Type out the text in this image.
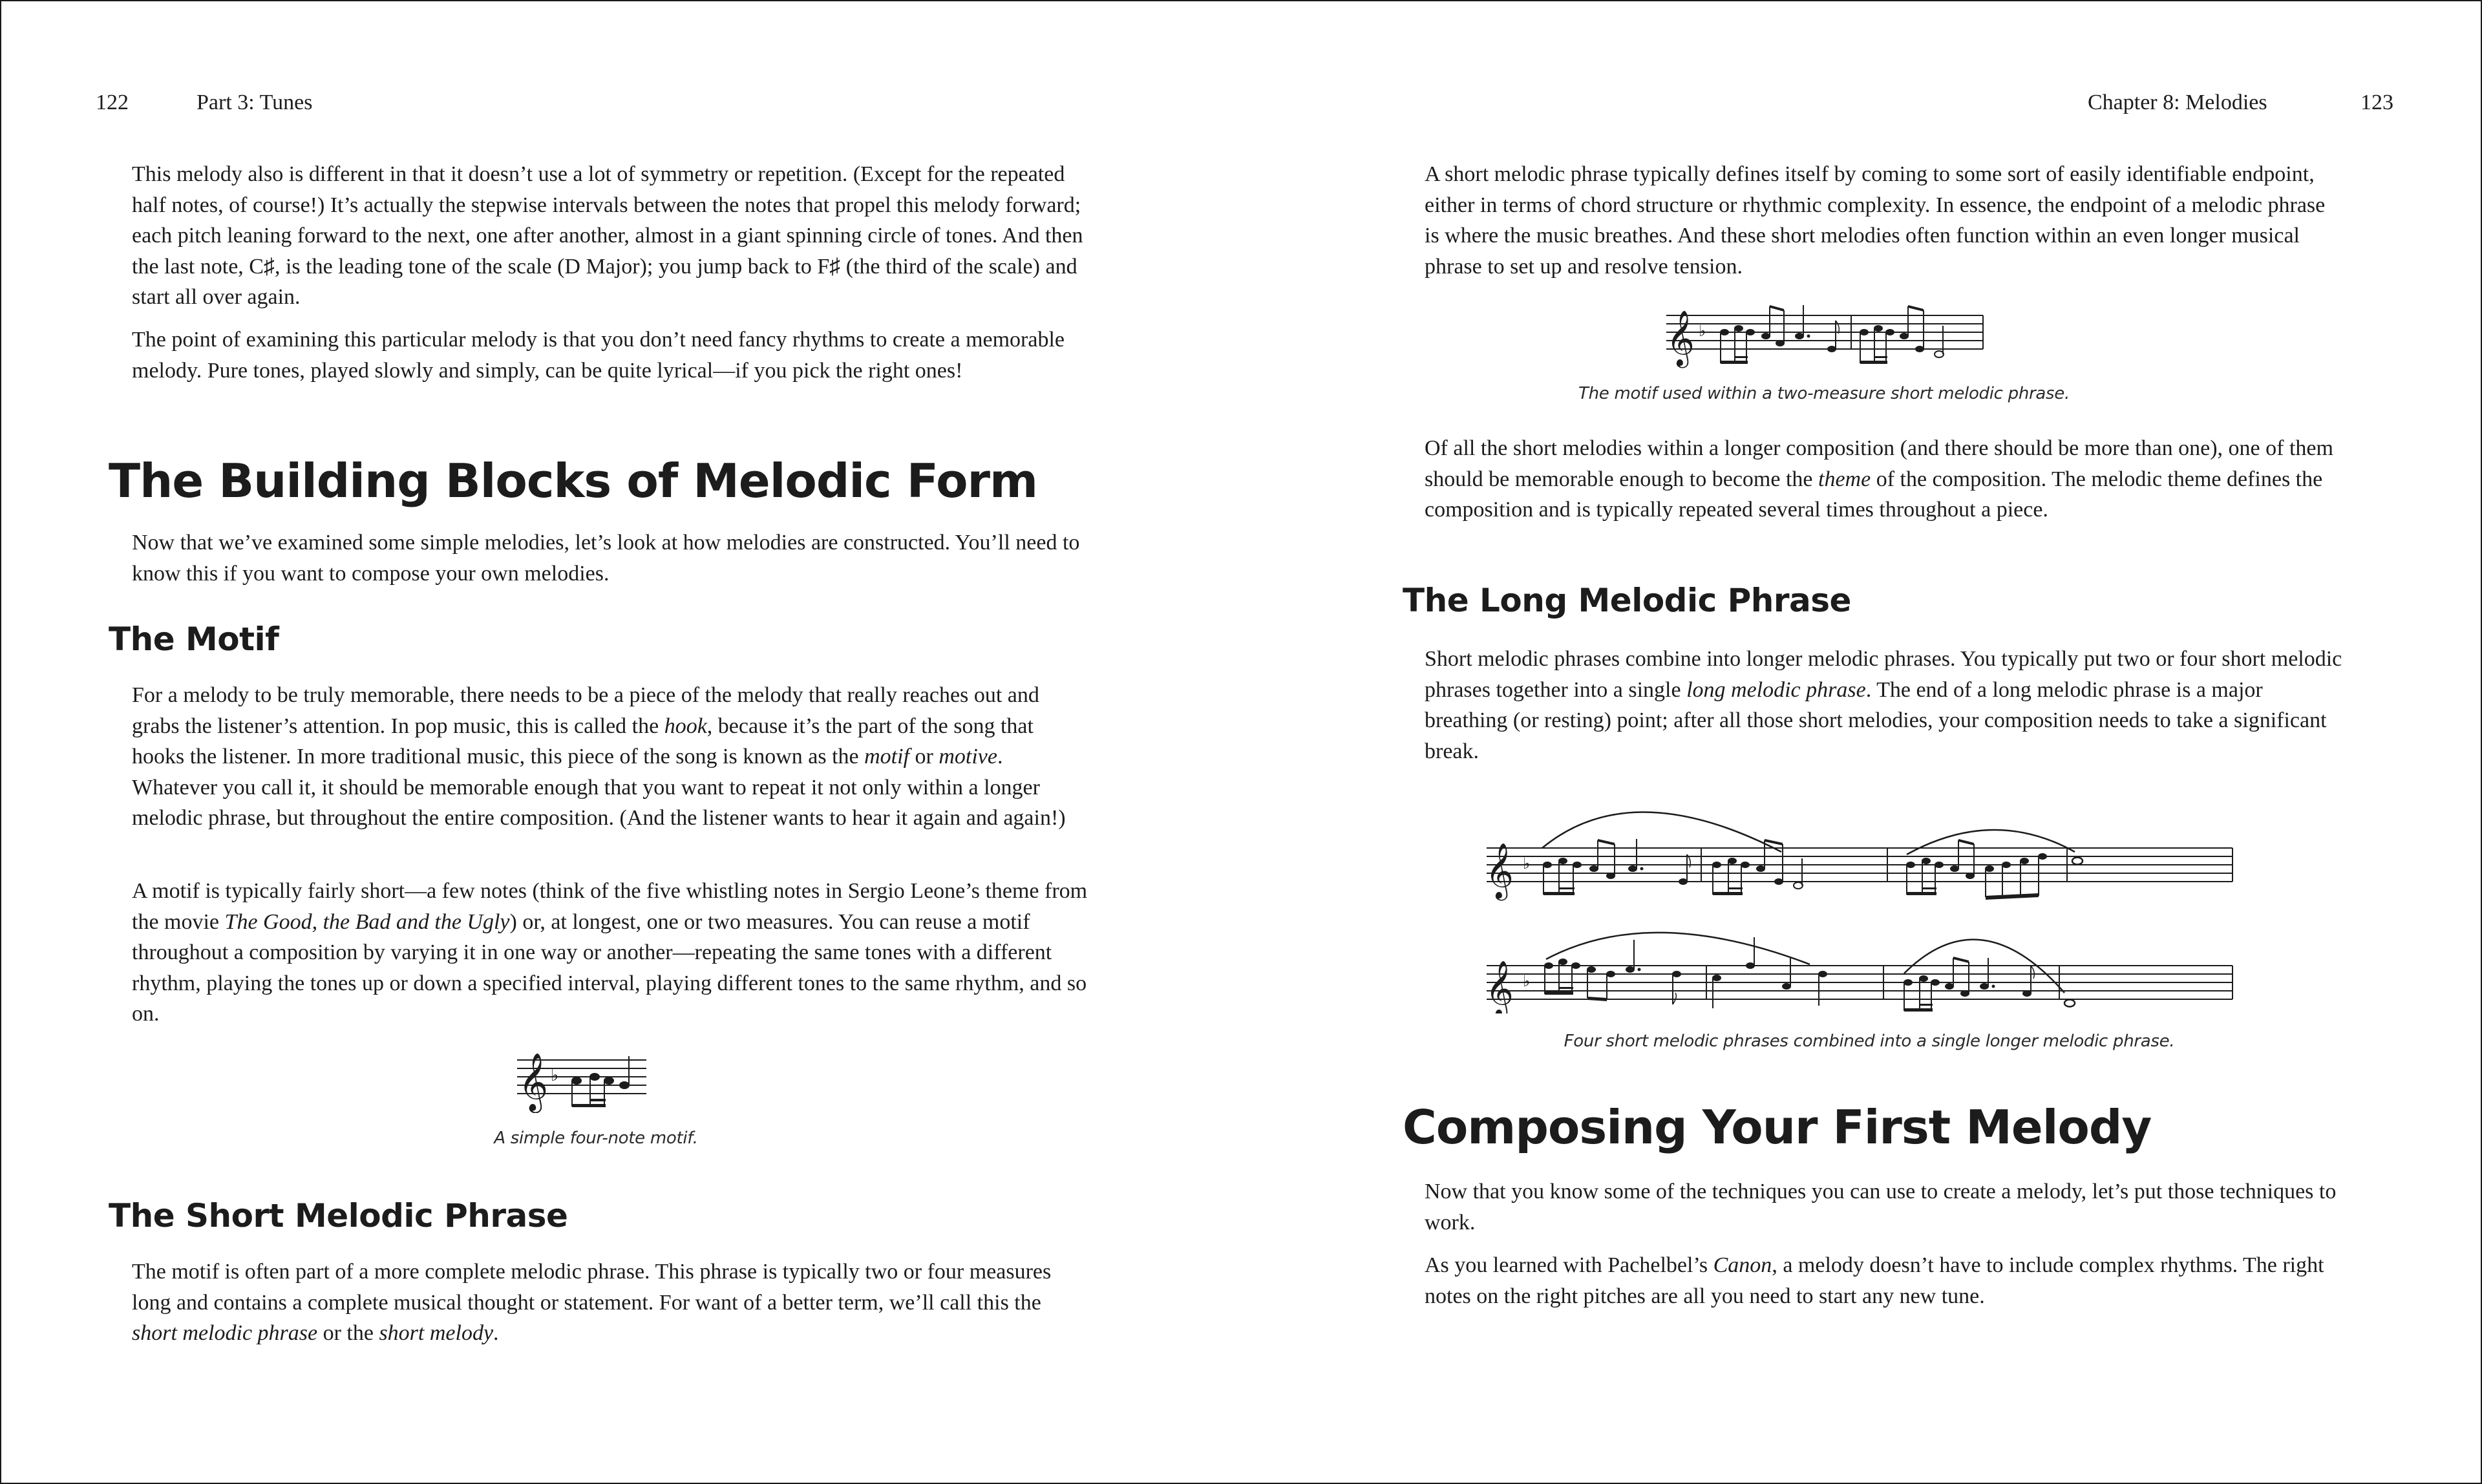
122	Part 3: Tunes

This melody also is different in that it doesn’t use a lot of symmetry or repetition. (Except for the repeated half notes, of course!) It’s actually the stepwise intervals between the notes that propel this melody forward; each pitch leaning forward to the next, one after another, almost in a giant spinning circle of tones. And then the last note, C♯, is the leading tone of the scale (D Major); you jump back to F♯ (the third of the scale) and start all over again.

The point of examining this particular melody is that you don’t need fancy rhythms to create a memorable melody. Pure tones, played slowly and simply, can be quite lyrical—if you pick the right ones!

The Building Blocks of Melodic Form

Now that we’ve examined some simple melodies, let’s look at how melodies are constructed. You’ll need to know this if you want to compose your own melodies.

The Motif

For a melody to be truly memorable, there needs to be a piece of the melody that really reaches out and grabs the listener’s attention. In pop music, this is called the hook, because it’s the part of the song that hooks the listener. In more traditional music, this piece of the song is known as the motif or motive. Whatever you call it, it should be memorable enough that you want to repeat it not only within a longer melodic phrase, but throughout the entire composition. (And the listener wants to hear it again and again!)

A motif is typically fairly short—a few notes (think of the five whistling notes in Sergio Leone’s theme from the movie The Good, the Bad and the Ugly) or, at longest, one or two measures. You can reuse a motif throughout a composition by varying it in one way or another—repeating the same tones with a different rhythm, playing the tones up or down a specified interval, playing different tones to the same rhythm, and so on.

𝄞 ♭
A simple four-note motif.
The Short Melodic Phrase

The motif is often part of a more complete melodic phrase. This phrase is typically two or four measures long and contains a complete musical thought or statement. For want of a better term, we’ll call this the short melodic phrase or the short melody.

Chapter 8: Melodies	123

A short melodic phrase typically defines itself by coming to some sort of easily identifiable endpoint, either in terms of chord structure or rhythmic complexity. In essence, the endpoint of a melodic phrase is where the music breathes. And these short melodies often function within an even longer musical phrase to set up and resolve tension.

𝄞 ♭
The motif used within a two-measure short melodic phrase.

Of all the short melodies within a longer composition (and there should be more than one), one of them should be memorable enough to become the theme of the composition. The melodic theme defines the composition and is typically repeated several times throughout a piece.

The Long Melodic Phrase

Short melodic phrases combine into longer melodic phrases. You typically put two or four short melodic phrases together into a single long melodic phrase. The end of a long melodic phrase is a major breathing (or resting) point; after all those short melodies, your composition needs to take a significant break.

𝄞 ♭
𝄞 ♭
Four short melodic phrases combined into a single longer melodic phrase.
Composing Your First Melody

Now that you know some of the techniques you can use to create a melody, let’s put those techniques to work.

As you learned with Pachelbel’s Canon, a melody doesn’t have to include complex rhythms. The right notes on the right pitches are all you need to start any new tune.
